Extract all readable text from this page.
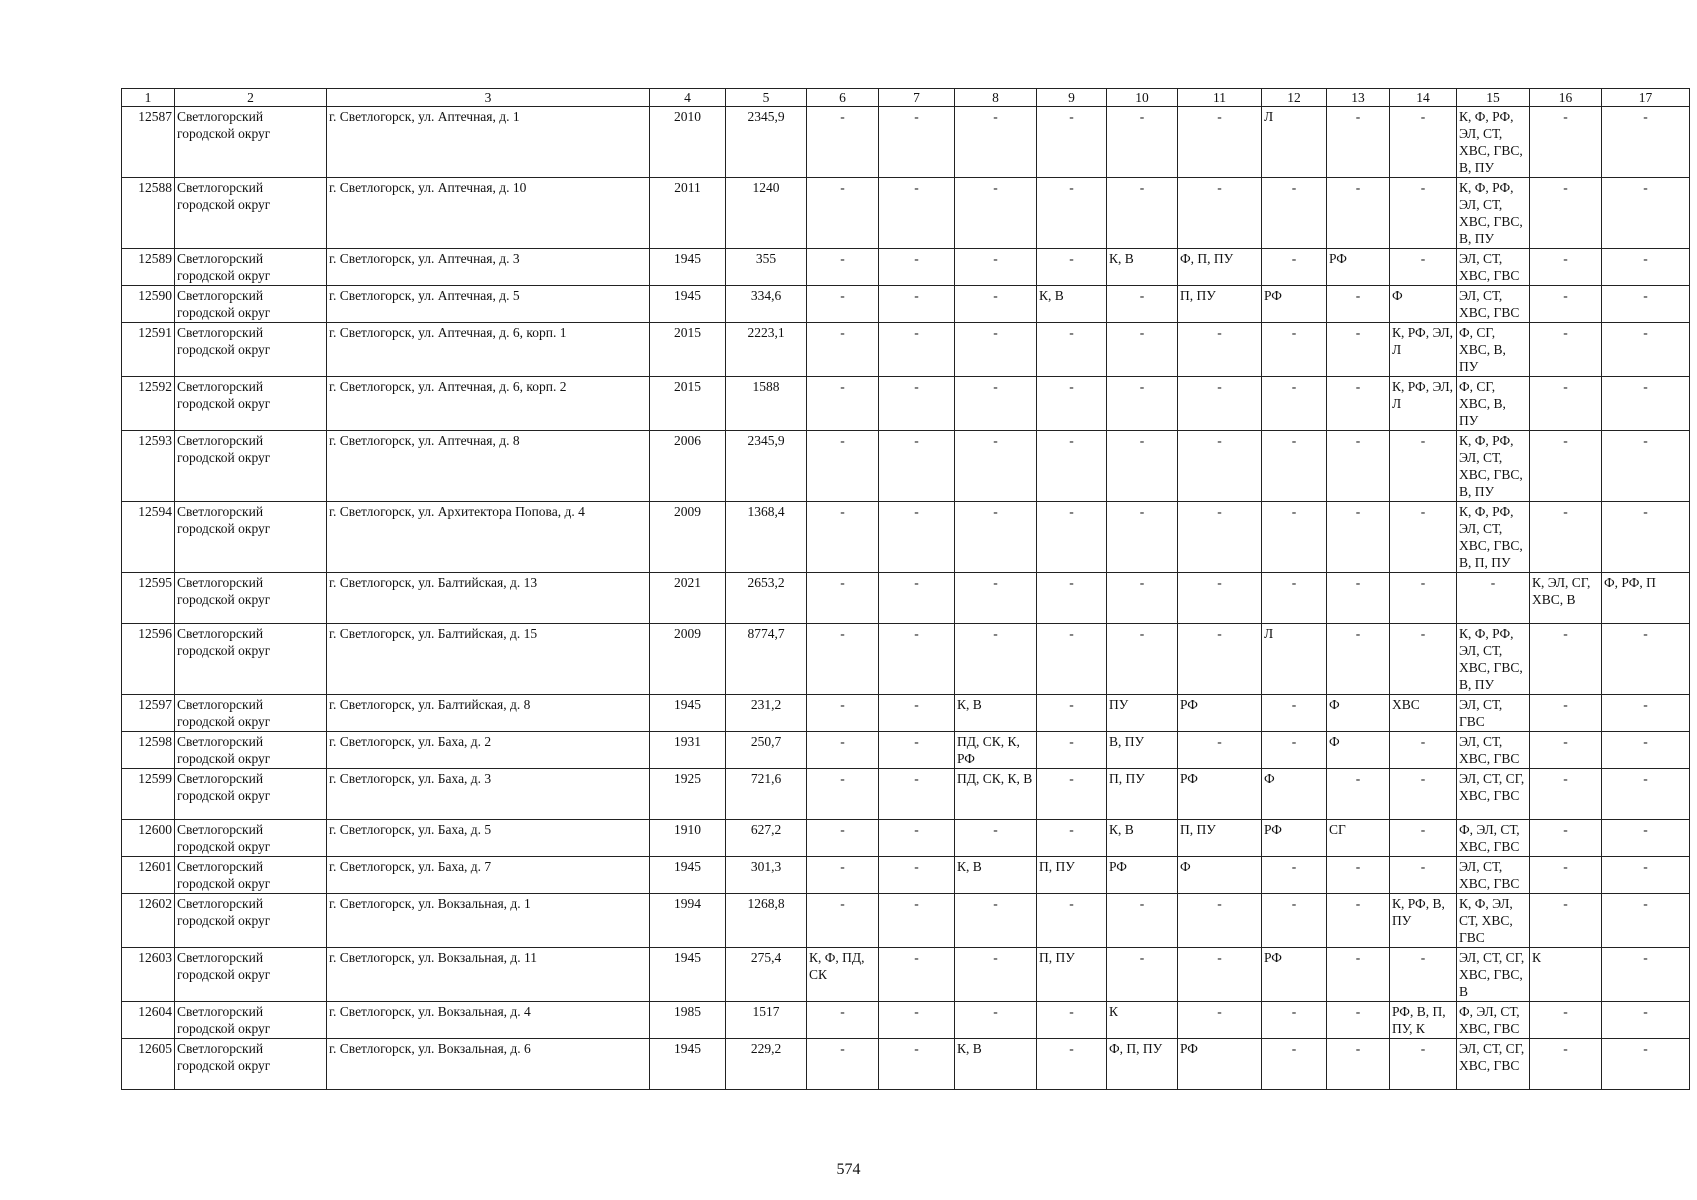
1	2	3	4	5	6	7	8	9	10	11	12	13	14	15	16	17
12587	Светлогорский городской округ	г. Светлогорск, ул. Аптечная, д. 1	2010	2345,9	-	-	-	-	-	-	Л	-	-	К, Ф, РФ, ЭЛ, СТ, ХВС, ГВС, В, ПУ	-	-
12588	Светлогорский городской округ	г. Светлогорск, ул. Аптечная, д. 10	2011	1240	-	-	-	-	-	-	-	-	-	К, Ф, РФ, ЭЛ, СТ, ХВС, ГВС, В, ПУ	-	-
12589	Светлогорский городской округ	г. Светлогорск, ул. Аптечная, д. 3	1945	355	-	-	-	-	К, В	Ф, П, ПУ	-	РФ	-	ЭЛ, СТ, ХВС, ГВС	-	-
12590	Светлогорский городской округ	г. Светлогорск, ул. Аптечная, д. 5	1945	334,6	-	-	-	К, В	-	П, ПУ	РФ	-	Ф	ЭЛ, СТ, ХВС, ГВС	-	-
12591	Светлогорский городской округ	г. Светлогорск, ул. Аптечная, д. 6, корп. 1	2015	2223,1	-	-	-	-	-	-	-	-	К, РФ, ЭЛ, Л	Ф, СГ, ХВС, В, ПУ	-	-
12592	Светлогорский городской округ	г. Светлогорск, ул. Аптечная, д. 6, корп. 2	2015	1588	-	-	-	-	-	-	-	-	К, РФ, ЭЛ, Л	Ф, СГ, ХВС, В, ПУ	-	-
12593	Светлогорский городской округ	г. Светлогорск, ул. Аптечная, д. 8	2006	2345,9	-	-	-	-	-	-	-	-	-	К, Ф, РФ, ЭЛ, СТ, ХВС, ГВС, В, ПУ	-	-
12594	Светлогорский городской округ	г. Светлогорск, ул. Архитектора Попова, д. 4	2009	1368,4	-	-	-	-	-	-	-	-	-	К, Ф, РФ, ЭЛ, СТ, ХВС, ГВС, В, П, ПУ	-	-
12595	Светлогорский городской округ	г. Светлогорск, ул. Балтийская, д. 13	2021	2653,2	-	-	-	-	-	-	-	-	-	-	К, ЭЛ, СГ, ХВС, В	Ф, РФ, П
12596	Светлогорский городской округ	г. Светлогорск, ул. Балтийская, д. 15	2009	8774,7	-	-	-	-	-	-	Л	-	-	К, Ф, РФ, ЭЛ, СТ, ХВС, ГВС, В, ПУ	-	-
12597	Светлогорский городской округ	г. Светлогорск, ул. Балтийская, д. 8	1945	231,2	-	-	К, В	-	ПУ	РФ	-	Ф	ХВС	ЭЛ, СТ, ГВС	-	-
12598	Светлогорский городской округ	г. Светлогорск, ул. Баха, д. 2	1931	250,7	-	-	ПД, СК, К, РФ	-	В, ПУ	-	-	Ф	-	ЭЛ, СТ, ХВС, ГВС	-	-
12599	Светлогорский городской округ	г. Светлогорск, ул. Баха, д. 3	1925	721,6	-	-	ПД, СК, К, В	-	П, ПУ	РФ	Ф	-	-	ЭЛ, СТ, СГ, ХВС, ГВС	-	-
12600	Светлогорский городской округ	г. Светлогорск, ул. Баха, д. 5	1910	627,2	-	-	-	-	К, В	П, ПУ	РФ	СГ	-	Ф, ЭЛ, СТ, ХВС, ГВС	-	-
12601	Светлогорский городской округ	г. Светлогорск, ул. Баха, д. 7	1945	301,3	-	-	К, В	П, ПУ	РФ	Ф	-	-	-	ЭЛ, СТ, ХВС, ГВС	-	-
12602	Светлогорский городской округ	г. Светлогорск, ул. Вокзальная, д. 1	1994	1268,8	-	-	-	-	-	-	-	-	К, РФ, В, ПУ	К, Ф, ЭЛ, СТ, ХВС, ГВС	-	-
12603	Светлогорский городской округ	г. Светлогорск, ул. Вокзальная, д. 11	1945	275,4	К, Ф, ПД, СК	-	-	П, ПУ	-	-	РФ	-	-	ЭЛ, СТ, СГ, ХВС, ГВС, В	К	-
12604	Светлогорский городской округ	г. Светлогорск, ул. Вокзальная, д. 4	1985	1517	-	-	-	-	К	-	-	-	РФ, В, П, ПУ, К	Ф, ЭЛ, СТ, ХВС, ГВС	-	-
12605	Светлогорский городской округ	г. Светлогорск, ул. Вокзальная, д. 6	1945	229,2	-	-	К, В	-	Ф, П, ПУ	РФ	-	-	-	ЭЛ, СТ, СГ, ХВС, ГВС	-	-
574
